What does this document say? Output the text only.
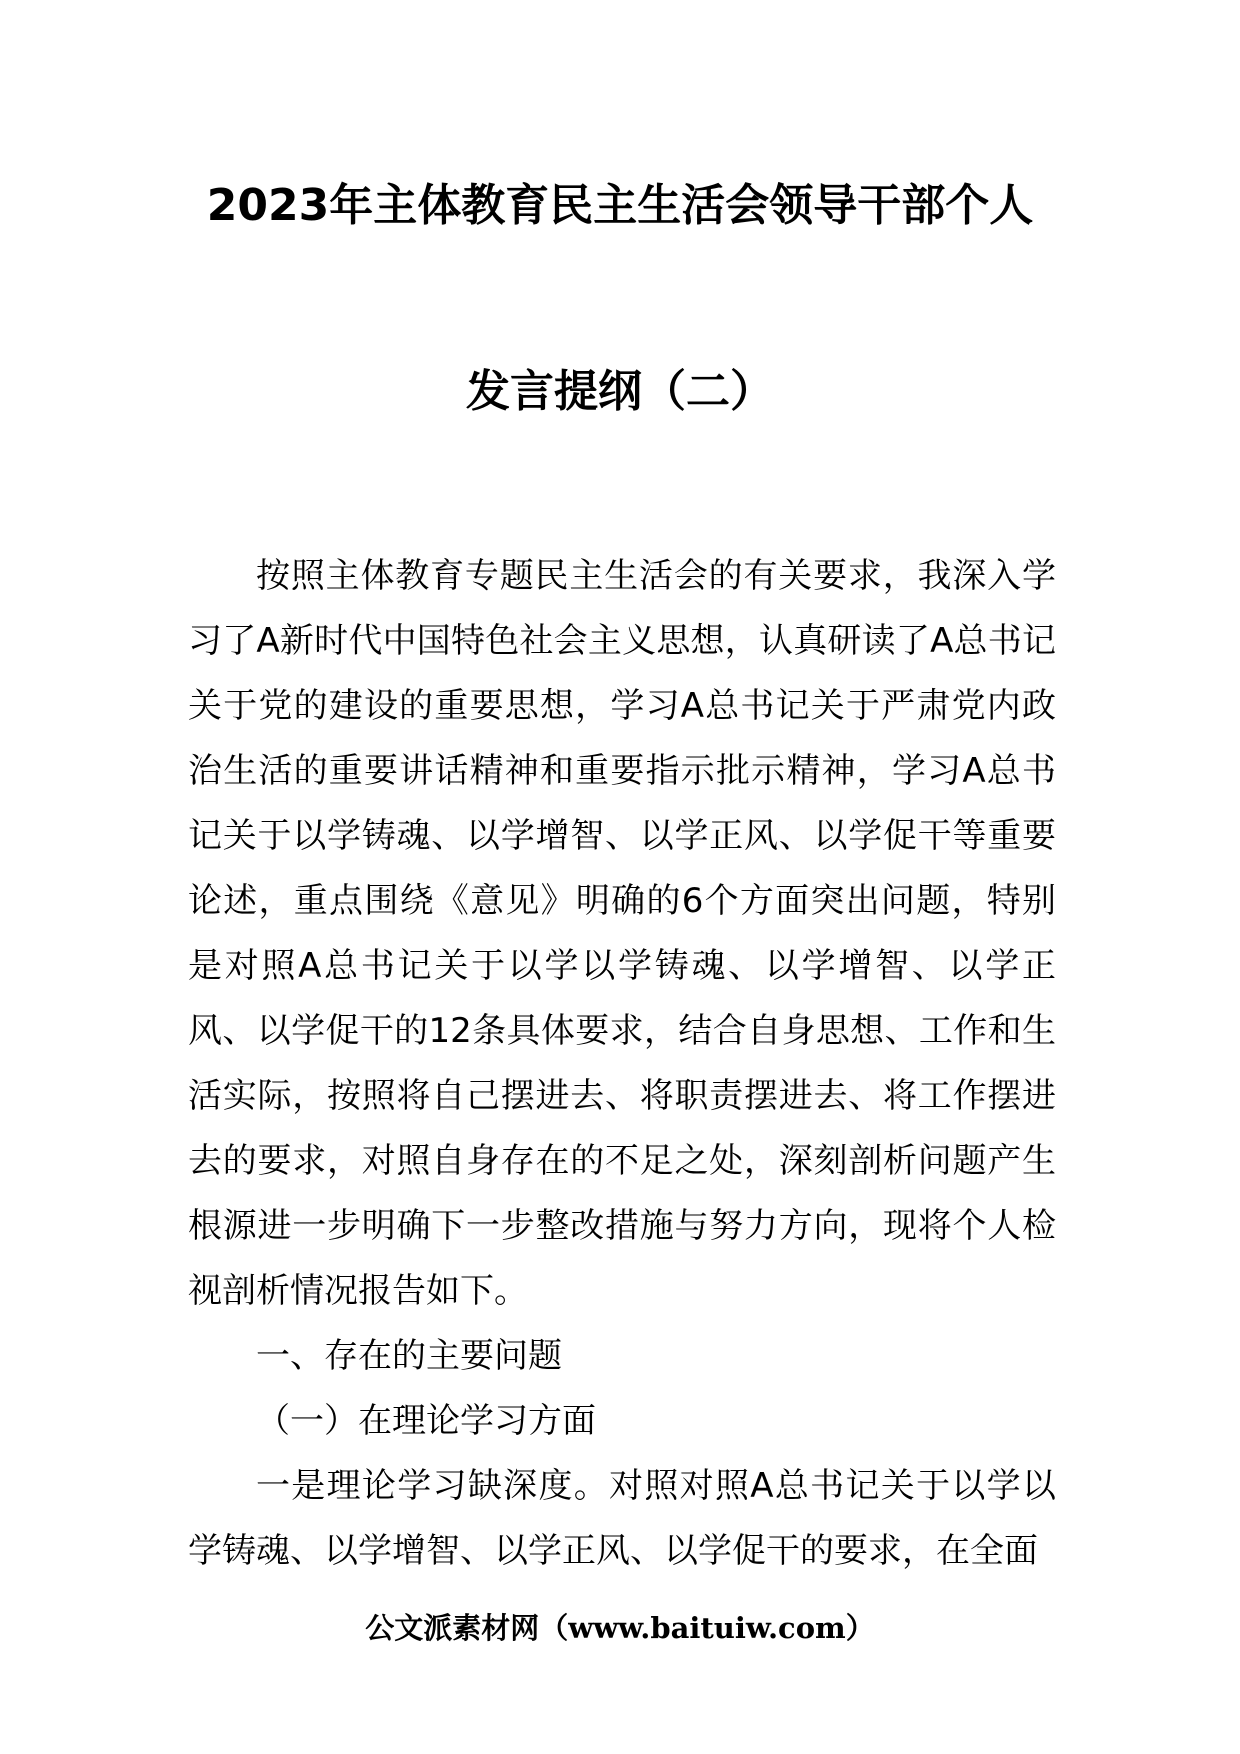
2023年主体教育民主生活会领导干部个人
发言提纲（二）

按照主体教育专题民主生活会的有关要求，我深入学习了A新时代中国特色社会主义思想，认真研读了A总书记关于党的建设的重要思想，学习A总书记关于严肃党内政治生活的重要讲话精神和重要指示批示精神，学习A总书记关于以学铸魂、以学增智、以学正风、以学促干等重要论述，重点围绕《意见》明确的6个方面突出问题，特别是对照A总书记关于以学以学铸魂、以学增智、以学正风、以学促干的12条具体要求，结合自身思想、工作和生活实际，按照将自己摆进去、将职责摆进去、将工作摆进去的要求，对照自身存在的不足之处，深刻剖析问题产生根源进一步明确下一步整改措施与努力方向，现将个人检视剖析情况报告如下。

一、存在的主要问题

（一）在理论学习方面

一是理论学习缺深度。对照对照A总书记关于以学以学铸魂、以学增智、以学正风、以学促干的要求，在全面

公文派素材网（www.baituiw.com）
